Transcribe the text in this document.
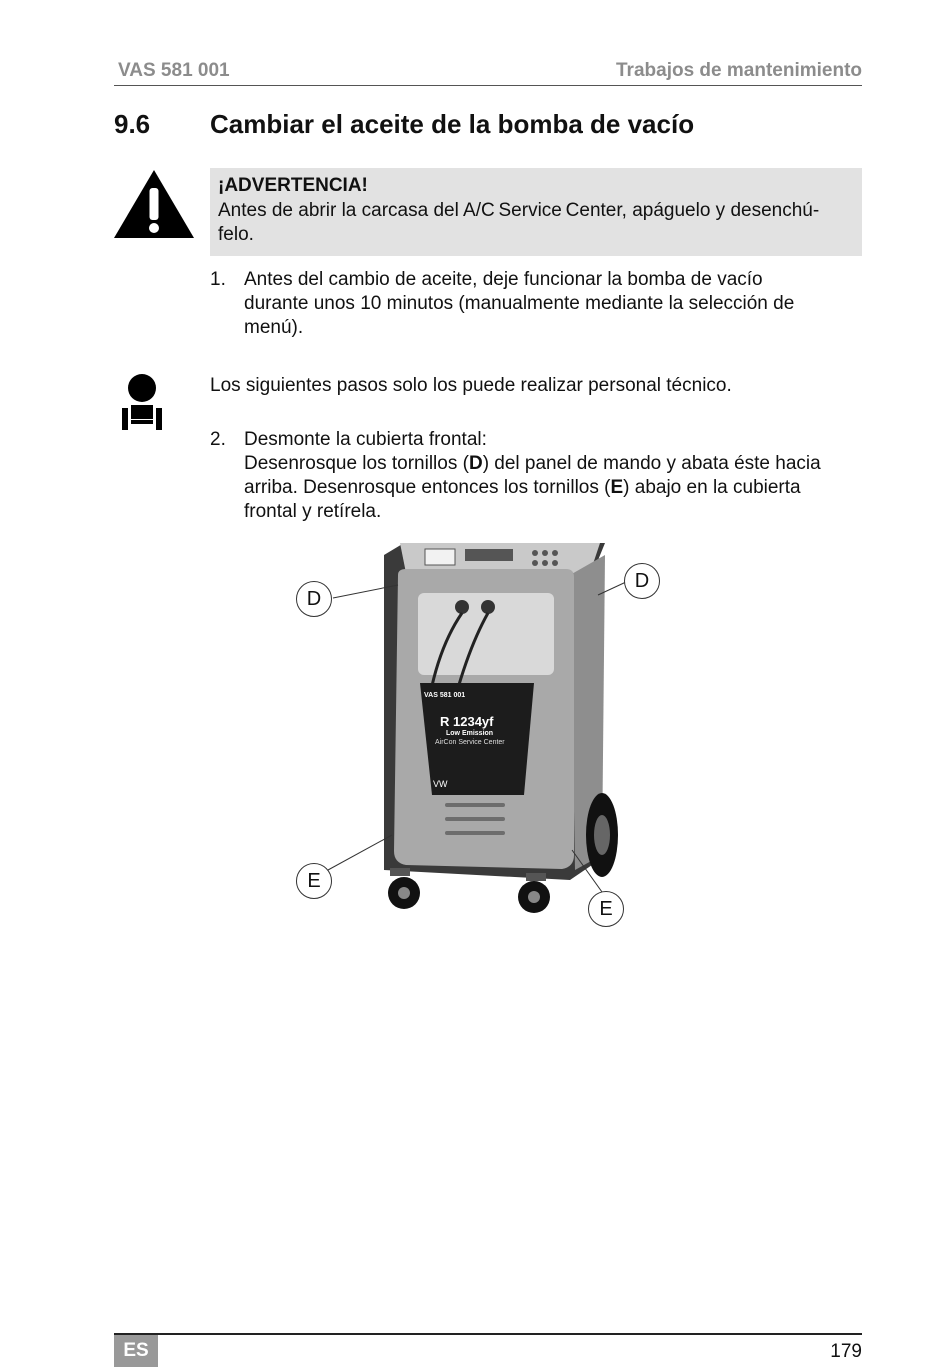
VAS 581 001	Trabajos de mantenimiento
9.6 Cambiar el aceite de la bomba de vacío
¡ADVERTENCIA!
Antes de abrir la carcasa del A/C Service Center, apáguelo y desenchú-
felo.
1. Antes del cambio de aceite, deje funcionar la bomba de vacío
durante unos 10 minutos (manualmente mediante la selección de
menú).
Los siguientes pasos solo los puede realizar personal técnico.
2. Desmonte la cubierta frontal:
Desenrosque los tornillos (D) del panel de mando y abata éste hacia
arriba. Desenrosque entonces los tornillos (E) abajo en la cubierta
frontal y retírela.
VAS 581 001
R 1234yf
Low Emission
AirCon Service Center
VW
D
D
E
E
ES	179
